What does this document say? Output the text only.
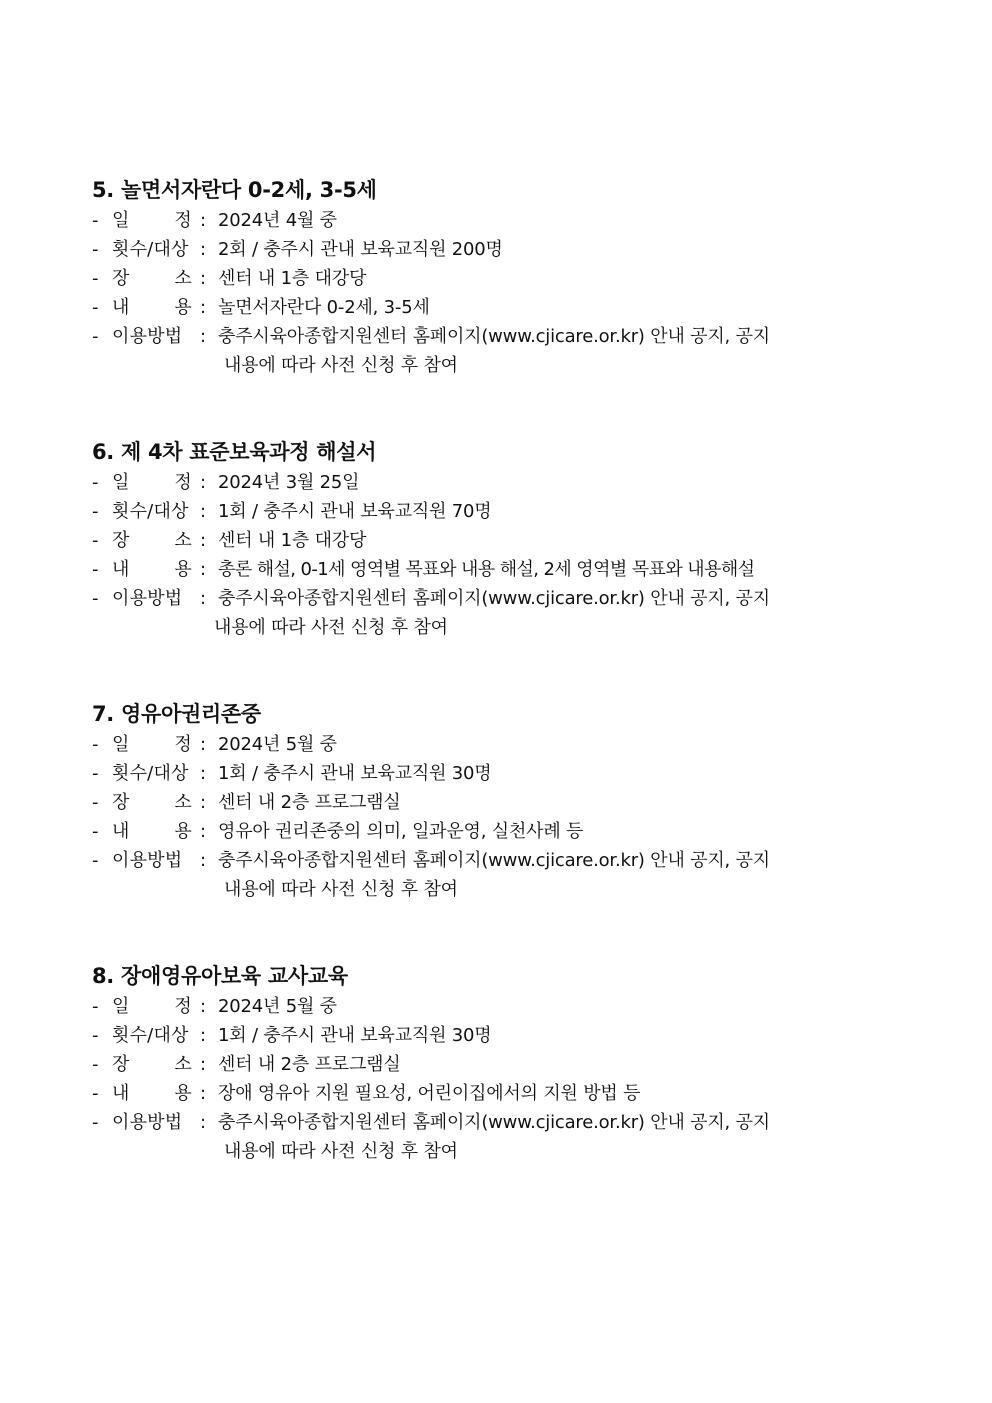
5. 놀면서자란다 0-2세, 3-5세
- 일 정 : 2024년 4월 중
- 횟수/대상 : 2회 / 충주시 관내 보육교직원 200명
- 장 소 : 센터 내 1층 대강당
- 내 용 : 놀면서자란다 0-2세, 3-5세
- 이용방법 : 충주시육아종합지원센터 홈페이지(www.cjicare.or.kr) 안내 공지, 공지
내용에 따라 사전 신청 후 참여
6. 제 4차 표준보육과정 해설서
- 일 정 : 2024년 3월 25일
- 횟수/대상 : 1회 / 충주시 관내 보육교직원 70명
- 장 소 : 센터 내 1층 대강당
- 내 용 : 총론 해설, 0-1세 영역별 목표와 내용 해설, 2세 영역별 목표와 내용해설
- 이용방법 : 충주시육아종합지원센터 홈페이지(www.cjicare.or.kr) 안내 공지, 공지
내용에 따라 사전 신청 후 참여
7. 영유아권리존중
- 일 정 : 2024년 5월 중
- 횟수/대상 : 1회 / 충주시 관내 보육교직원 30명
- 장 소 : 센터 내 2층 프로그램실
- 내 용 : 영유아 권리존중의 의미, 일과운영, 실천사례 등
- 이용방법 : 충주시육아종합지원센터 홈페이지(www.cjicare.or.kr) 안내 공지, 공지
내용에 따라 사전 신청 후 참여
8. 장애영유아보육 교사교육
- 일 정 : 2024년 5월 중
- 횟수/대상 : 1회 / 충주시 관내 보육교직원 30명
- 장 소 : 센터 내 2층 프로그램실
- 내 용 : 장애 영유아 지원 필요성, 어린이집에서의 지원 방법 등
- 이용방법 : 충주시육아종합지원센터 홈페이지(www.cjicare.or.kr) 안내 공지, 공지
내용에 따라 사전 신청 후 참여
